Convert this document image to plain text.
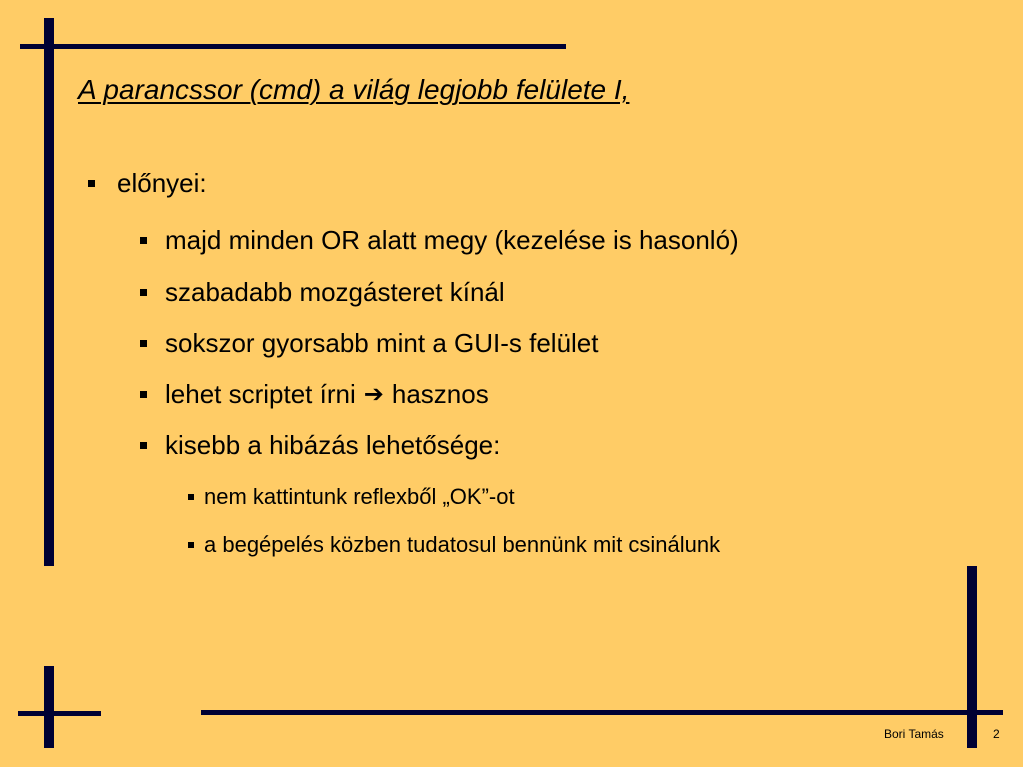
A parancssor (cmd) a világ legjobb felülete I,
előnyei:
majd minden OR alatt megy (kezelése is hasonló)
szabadabb mozgásteret kínál
sokszor gyorsabb mint a GUI-s felület
lehet scriptet írni ➔ hasznos
kisebb a hibázás lehetősége:
nem kattintunk reflexből „OK”-ot
a begépelés közben tudatosul bennünk mit csinálunk
Bori Tamás	2
